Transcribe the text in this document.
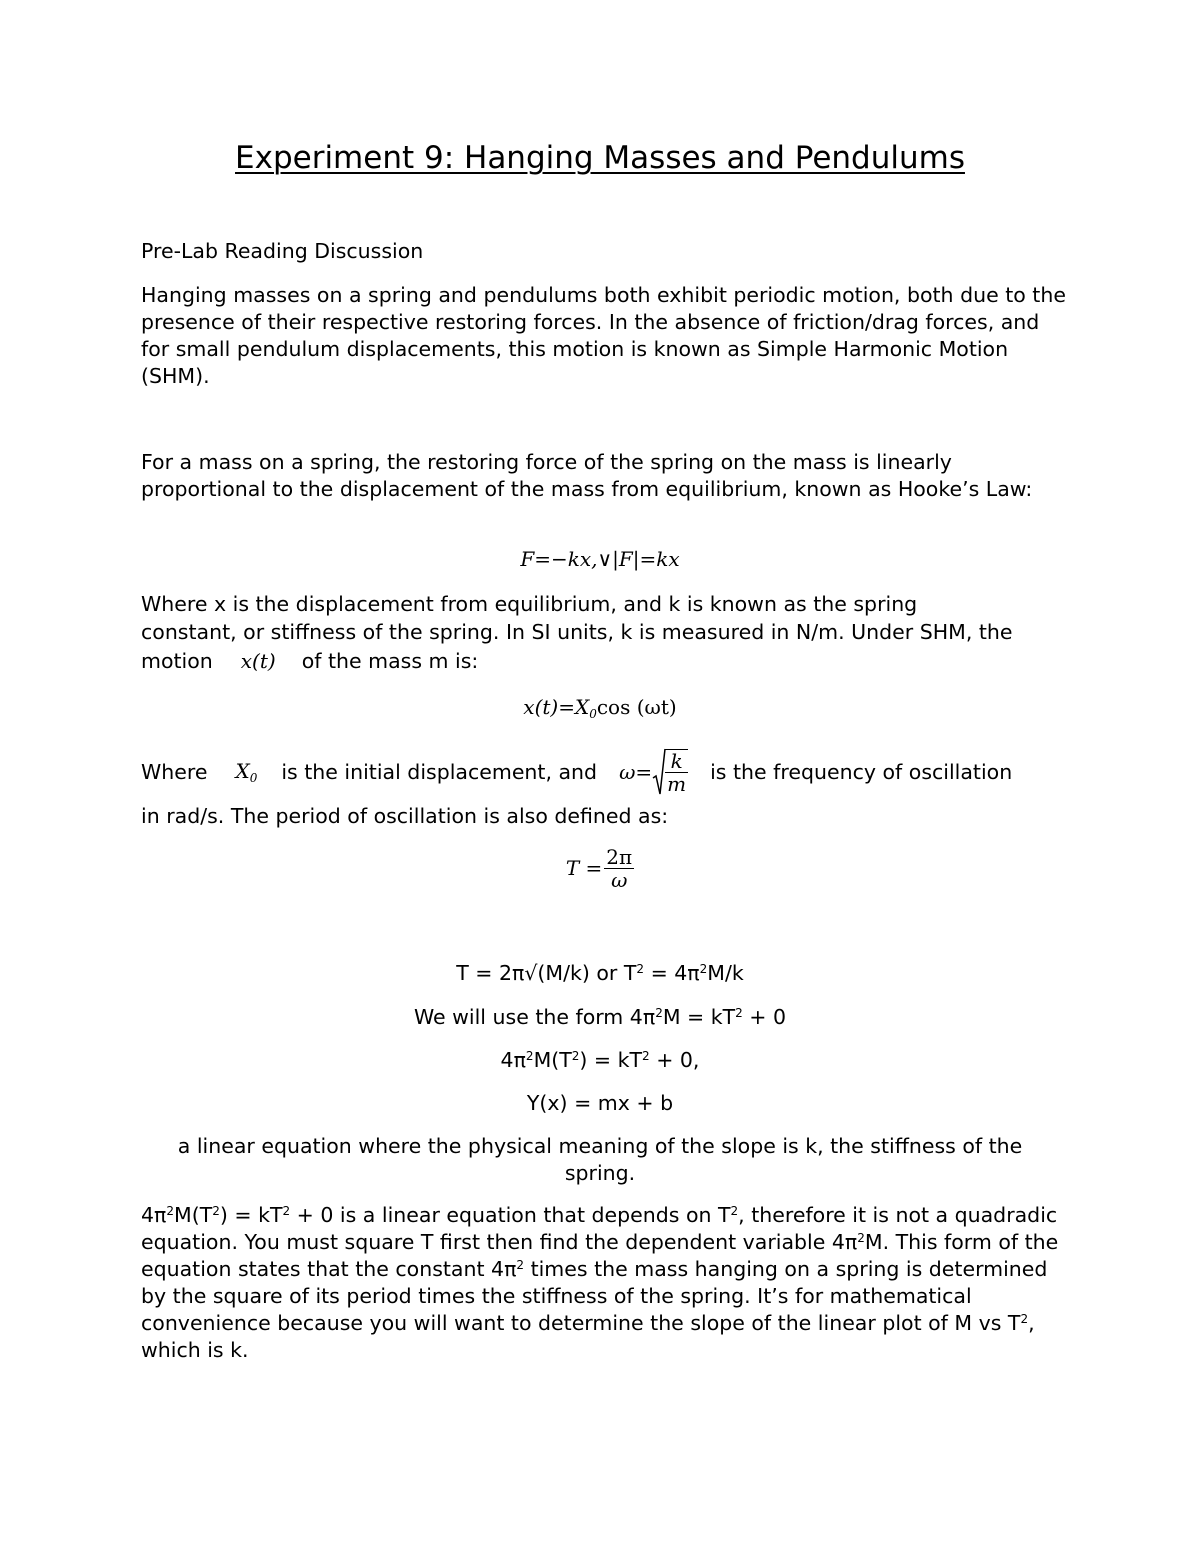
Experiment 9: Hanging Masses and Pendulums
Pre-Lab Reading Discussion
Hanging masses on a spring and pendulums both exhibit periodic motion, both due to the presence of their respective restoring forces. In the absence of friction/drag forces, and for small pendulum displacements, this motion is known as Simple Harmonic Motion (SHM).
For a mass on a spring, the restoring force of the spring on the mass is linearly proportional to the displacement of the mass from equilibrium, known as Hooke’s Law:
F=−kx,∨|F|=kx
Where x is the displacement from equilibrium, and k is known as the spring
constant, or stiffness of the spring. In SI units, k is measured in N/m. Under SHM, the
motion x(t) of the mass m is:
$x(t)=X_0\cos$ (ωt)
Where $X_0$ is the initial displacement, and $\omega= \frac{k}{m}$ is the frequency of oscillation
in rad/s. The period of oscillation is also defined as:
$T = \frac{2\pi}{\omega}$
T = 2π√(M/k) or $T^2 = 4\pi^2M/k$
We will use the form $4\pi^2M = kT^2 + 0$
$4\pi^2M(T^2) = kT^2 + 0$,
Y(x) = mx + b
a linear equation where the physical meaning of the slope is k, the stiffness of the
spring.
$4\pi^2M(T^2) = kT^2 + 0$ is a linear equation that depends on $T^2$, therefore it is not a quadradic equation. You must square T first then find the dependent variable $4\pi^2M$. This form of the equation states that the constant $4\pi^2$ times the mass hanging on a spring is determined by the square of its period times the stiffness of the spring. It’s for mathematical convenience because you will want to determine the slope of the linear plot of M vs $T^2$, which is k.
